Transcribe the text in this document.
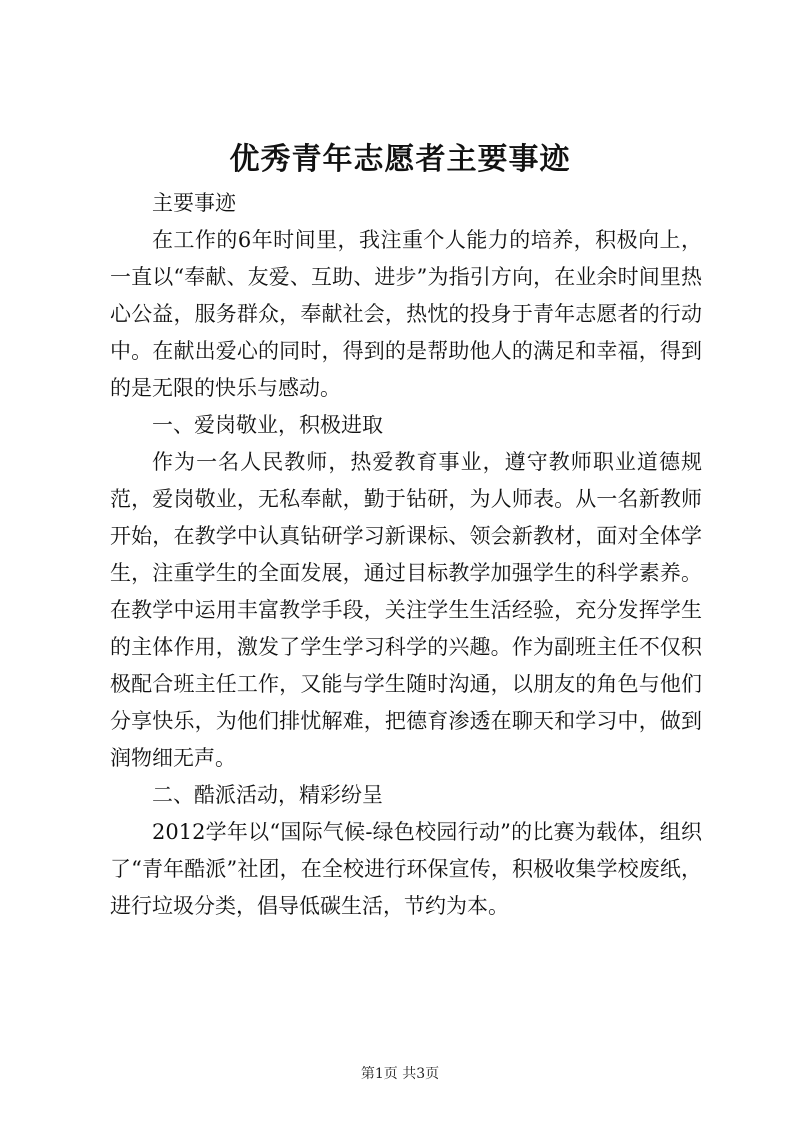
优秀青年志愿者主要事迹

主要事迹

在工作的6年时间里，我注重个人能力的培养，积极向上，一直以“奉献、友爱、互助、进步”为指引方向，在业余时间里热心公益，服务群众，奉献社会，热忱的投身于青年志愿者的行动中。在献出爱心的同时，得到的是帮助他人的满足和幸福，得到的是无限的快乐与感动。

一、爱岗敬业，积极进取

作为一名人民教师，热爱教育事业，遵守教师职业道德规范，爱岗敬业，无私奉献，勤于钻研，为人师表。从一名新教师开始，在教学中认真钻研学习新课标、领会新教材，面对全体学生，注重学生的全面发展，通过目标教学加强学生的科学素养。在教学中运用丰富教学手段，关注学生生活经验，充分发挥学生的主体作用，激发了学生学习科学的兴趣。作为副班主任不仅积极配合班主任工作，又能与学生随时沟通，以朋友的角色与他们分享快乐，为他们排忧解难，把德育渗透在聊天和学习中，做到润物细无声。

二、酷派活动，精彩纷呈

2012学年以“国际气候-绿色校园行动”的比赛为载体，组织了“青年酷派”社团，在全校进行环保宣传，积极收集学校废纸，进行垃圾分类，倡导低碳生活，节约为本。

第1页 共3页
